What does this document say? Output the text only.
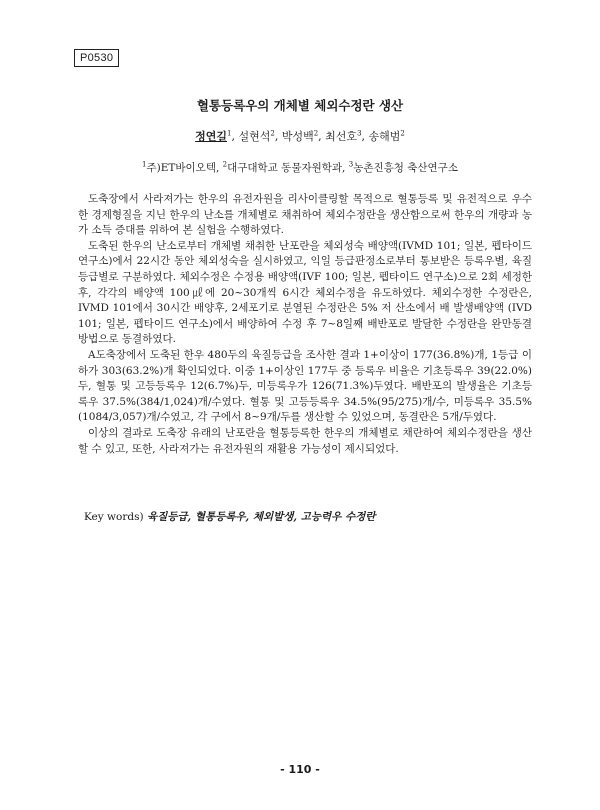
P0530
혈통등록우의 개체별 체외수정란 생산
정연길$^1$, 설현석$^2$, 박성백$^2$, 최선호$^3$, 송해범$^2$
$^1$주)ET바이오텍, $^2$대구대학교 동물자원학과, $^3$농촌진흥청 축산연구소

도축장에서 사라져가는 한우의 유전자원을 리사이클링할 목적으로 혈통등록 및 유전적으로 우수한 경제형질을 지닌 한우의 난소를 개체별로 채취하여 체외수정란을 생산함으로써 한우의 개량과 농가 소득 증대를 위하여 본 실험을 수행하였다.

도축된 한우의 난소로부터 개체별 채취한 난포란을 체외성숙 배양액(IVMD 101; 일본, 펩타이드 연구소)에서 22시간 동안 체외성숙을 실시하였고, 익일 등급판정소로부터 통보받은 등록우별, 육질등급별로 구분하였다. 체외수정은 수정용 배양액(IVF 100; 일본, 펩타이드 연구소)으로 2회 세정한 후, 각각의 배양액 100㎕에 20~30개씩 6시간 체외수정을 유도하였다. 체외수정한 수정란은, IVMD 101에서 30시간 배양후, 2세포기로 분열된 수정란은 5% 저 산소에서 배 발생배양액 (IVD 101; 일본, 펩타이드 연구소)에서 배양하여 수정 후 7~8일째 배반포로 발달한 수정란을 완만동결방법으로 동결하였다.

A도축장에서 도축된 한우 480두의 육질등급을 조사한 결과 1+이상이 177(36.8%)개, 1등급 이하가 303(63.2%)개 확인되었다. 이중 1+이상인 177두 중 등록우 비율은 기초등록우 39(22.0%)두, 혈통 및 고등등록우 12(6.7%)두, 미등록우가 126(71.3%)두였다. 배반포의 발생율은 기초등록우 37.5%(384/1,024)개/수였다. 혈통 및 고등등록우 34.5%(95/275)개/수, 미등록우 35.5%(1084/3,057)개/수였고, 각 구에서 8~9개/두를 생산할 수 있었으며, 동결란은 5개/두였다.

이상의 결과로 도축장 유래의 난포란을 혈통등록한 한우의 개체별로 채란하여 체외수정란을 생산할 수 있고, 또한, 사라져가는 유전자원의 재활용 가능성이 제시되었다.

Key words) 육질등급, 혈통등록우, 체외발생, 고능력우 수정란
- 110 -
